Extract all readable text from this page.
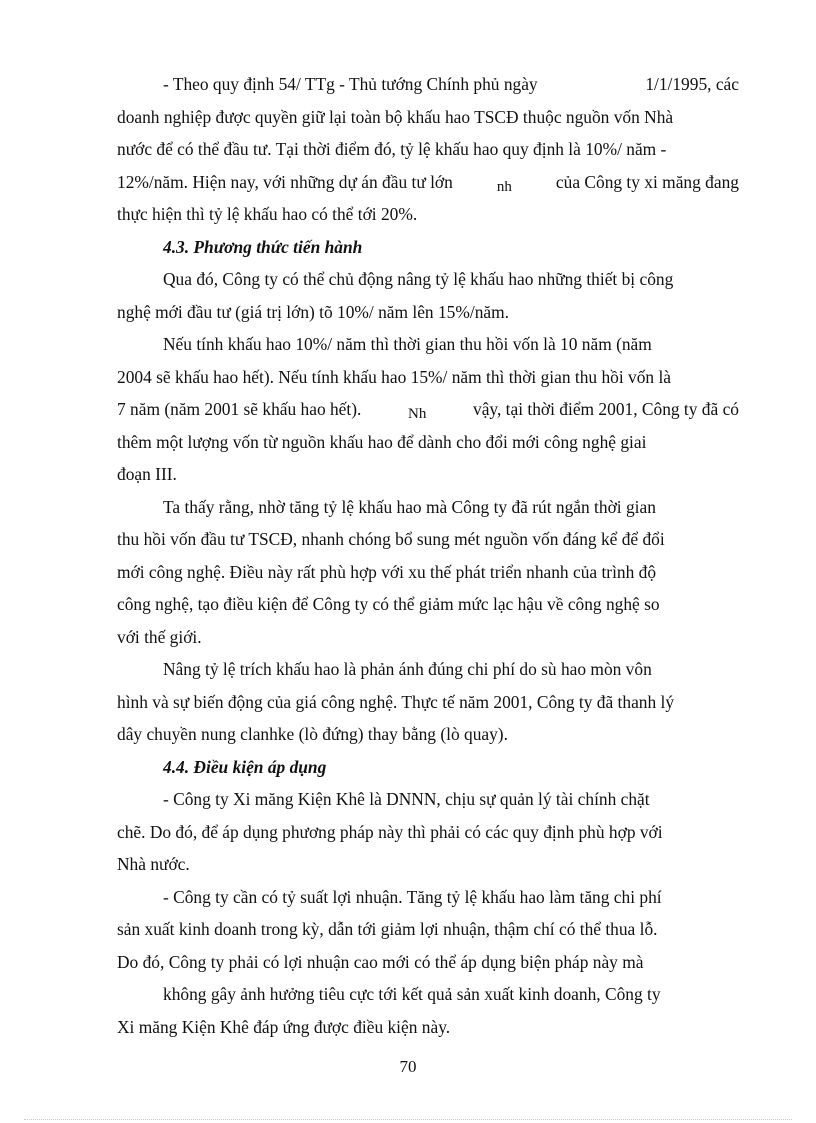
- Theo quy định 54/ TTg - Thủ tướng Chính phủ ngày	1/1/1995, các
doanh nghiệp được quyền giữ lại toàn bộ khấu hao TSCĐ thuộc nguồn vốn Nhà
nước để có thể đầu tư. Tại thời điểm đó, tỷ lệ khấu hao quy định là 10%/ năm -
12%/năm. Hiện nay, với những dự án đầu tư lớn	nh	của Công ty xi măng đang
thực hiện thì tỷ lệ khấu hao có thể tới 20%.
4.3. Phương thức tiến hành
Qua đó, Công ty có thể chủ động nâng tỷ lệ khấu hao những thiết bị công
nghệ mới đầu tư (giá trị lớn) tõ 10%/ năm lên 15%/năm.
Nếu tính khấu hao 10%/ năm thì thời gian thu hồi vốn là 10 năm (năm
2004 sẽ khấu hao hết). Nếu tính khấu hao 15%/ năm thì thời gian thu hồi vốn là
7 năm (năm 2001 sẽ khấu hao hết).	Nh	vậy, tại thời điểm 2001, Công ty đã có
thêm một lượng vốn từ nguồn khấu hao để dành cho đổi mới công nghệ giai
đoạn III.
Ta thấy rằng, nhờ tăng tỷ lệ khấu hao mà Công ty đã rút ngắn thời gian
thu hồi vốn đầu tư TSCĐ, nhanh chóng bổ sung mét nguồn vốn đáng kể để đổi
mới công nghệ. Điều này rất phù hợp với xu thế phát triển nhanh của trình độ
công nghệ, tạo điều kiện để Công ty có thể giảm mức lạc hậu về công nghệ so
với thế giới.
Nâng tỷ lệ trích khấu hao là phản ánh đúng chi phí do sù hao mòn vôn
hình và sự biến động của giá công nghệ. Thực tế năm 2001, Công ty đã thanh lý
dây chuyền nung clanhke (lò đứng) thay bằng (lò quay).
4.4. Điều kiện áp dụng
- Công ty Xi măng Kiện Khê là DNNN, chịu sự quản lý tài chính chặt
chẽ. Do đó, để áp dụng phương pháp này thì phải có các quy định phù hợp với
Nhà nước.
- Công ty cần có tỷ suất lợi nhuận. Tăng tỷ lệ khấu hao làm tăng chi phí
sản xuất kinh doanh trong kỳ, dẫn tới giảm lợi nhuận, thậm chí có thể thua lỗ.
Do đó, Công ty phải có lợi nhuận cao mới có thể áp dụng biện pháp này mà
không gây ảnh hưởng tiêu cực tới kết quả sản xuất kinh doanh, Công ty
Xi măng Kiện Khê đáp ứng được điều kiện này.
70
